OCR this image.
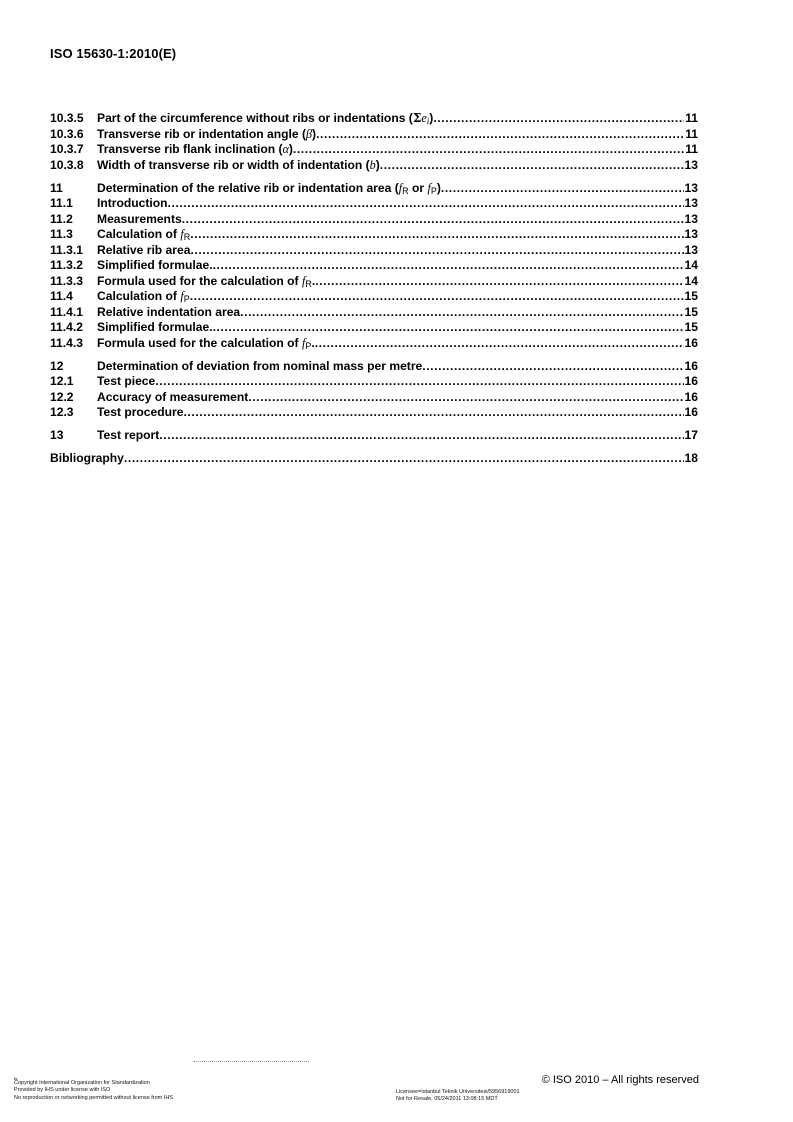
ISO 15630-1:2010(E)
10.3.5	Part of the circumference without ribs or indentations $(\Sigma e_i)$ .....	11
10.3.6	Transverse rib or indentation angle (β) .....	11
10.3.7	Transverse rib flank inclination (α) .....	11
10.3.8	Width of transverse rib or width of indentation (b) .....	13
11	Determination of the relative rib or indentation area ($f_R$ or $f_P$) .....	13
11.1	Introduction .....	13
11.2	Measurements .....	13
11.3	Calculation of $f_R$ .....	13
11.3.1	Relative rib area .....	13
11.3.2	Simplified formulae. .....	14
11.3.3	Formula used for the calculation of $f_R$. .....	14
11.4	Calculation of $f_P$ .....	15
11.4.1	Relative indentation area .....	15
11.4.2	Simplified formulae. .....	15
11.4.3	Formula used for the calculation of $f_P$. .....	16
12	Determination of deviation from nominal mass per metre .....	16
12.1	Test piece .....	16
12.2	Accuracy of measurement .....	16
12.3	Test procedure .....	16
13	Test report .....	17
Bibliography .....	18
iv
Copyright International Organization for Standardization
Provided by IHS under license with ISO
No reproduction or networking permitted without license from IHS
Licensee=Istanbul Teknik Universitesi/5956919001
Not for Resale, 05/24/2011 13:08:15 MDT
© ISO 2010 – All rights reserved
